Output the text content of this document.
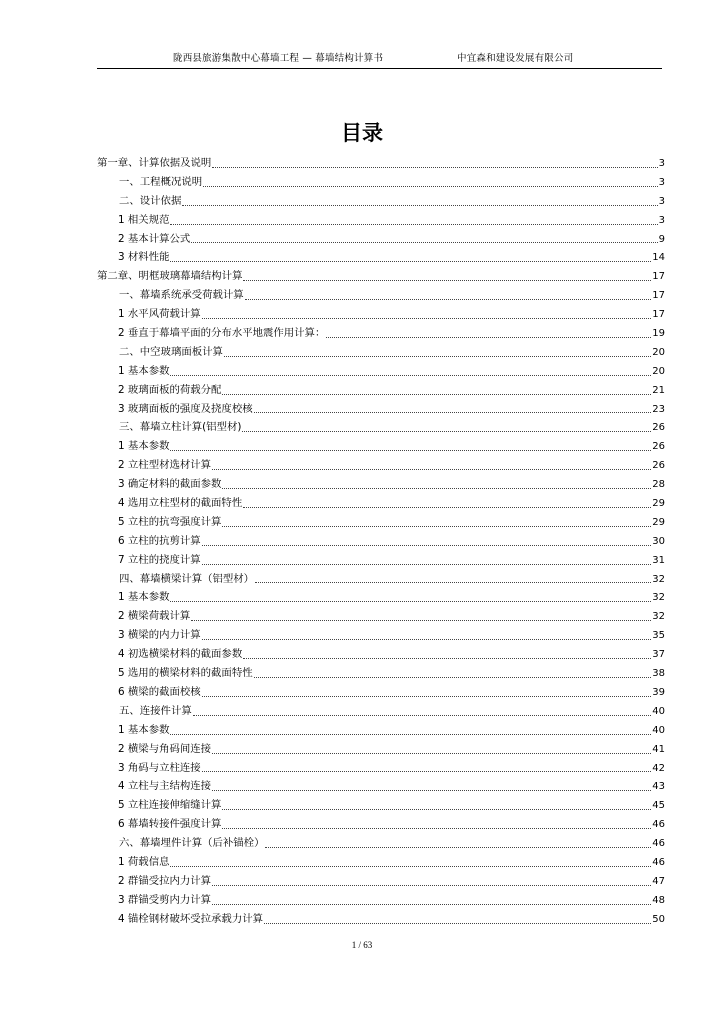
陇西县旅游集散中心幕墙工程 — 幕墙结构计算书	中宜森和建设发展有限公司
目录
第一章、计算依据及说明	3
一、工程概况说明	3
二、设计依据	3
1 相关规范	3
2 基本计算公式	9
3 材料性能	14
第二章、明框玻璃幕墙结构计算	17
一、幕墙系统承受荷载计算	17
1 水平风荷载计算	17
2 垂直于幕墙平面的分布水平地震作用计算：	19
二、中空玻璃面板计算	20
1 基本参数	20
2 玻璃面板的荷载分配	21
3 玻璃面板的强度及挠度校核	23
三、幕墙立柱计算(铝型材)	26
1 基本参数	26
2 立柱型材选材计算	26
3 确定材料的截面参数	28
4 选用立柱型材的截面特性	29
5 立柱的抗弯强度计算	29
6 立柱的抗剪计算	30
7 立柱的挠度计算	31
四、幕墙横梁计算（铝型材）	32
1 基本参数	32
2 横梁荷载计算	32
3 横梁的内力计算	35
4 初选横梁材料的截面参数	37
5 选用的横梁材料的截面特性	38
6 横梁的截面校核	39
五、连接件计算	40
1 基本参数	40
2 横梁与角码间连接	41
3 角码与立柱连接	42
4 立柱与主结构连接	43
5 立柱连接伸缩缝计算	45
6 幕墙转接件强度计算	46
六、幕墙埋件计算（后补锚栓）	46
1 荷载信息	46
2 群锚受拉内力计算	47
3 群锚受剪内力计算	48
4 锚栓钢材破坏受拉承载力计算	50
1 / 63
